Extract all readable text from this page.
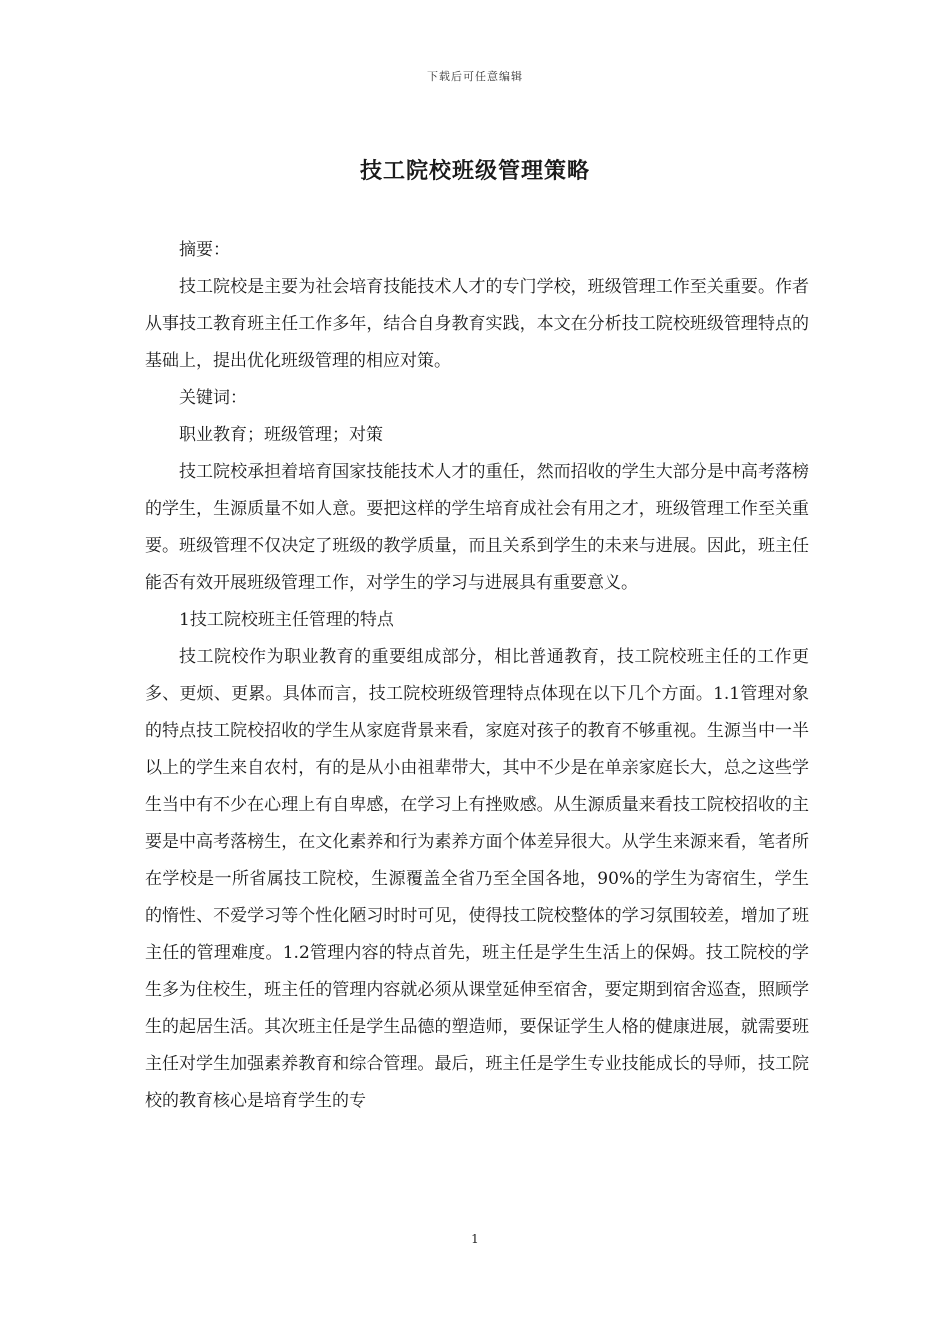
下载后可任意编辑
技工院校班级管理策略

摘要：

技工院校是主要为社会培育技能技术人才的专门学校，班级管理工作至关重要。作者从事技工教育班主任工作多年，结合自身教育实践，本文在分析技工院校班级管理特点的基础上，提出优化班级管理的相应对策。

关键词：

职业教育；班级管理；对策

技工院校承担着培育国家技能技术人才的重任，然而招收的学生大部分是中高考落榜的学生，生源质量不如人意。要把这样的学生培育成社会有用之才，班级管理工作至关重要。班级管理不仅决定了班级的教学质量，而且关系到学生的未来与进展。因此，班主任能否有效开展班级管理工作，对学生的学习与进展具有重要意义。

1技工院校班主任管理的特点

技工院校作为职业教育的重要组成部分，相比普通教育，技工院校班主任的工作更多、更烦、更累。具体而言，技工院校班级管理特点体现在以下几个方面。1.1管理对象的特点技工院校招收的学生从家庭背景来看，家庭对孩子的教育不够重视。生源当中一半以上的学生来自农村，有的是从小由祖辈带大，其中不少是在单亲家庭长大，总之这些学生当中有不少在心理上有自卑感，在学习上有挫败感。从生源质量来看技工院校招收的主要是中高考落榜生，在文化素养和行为素养方面个体差异很大。从学生来源来看，笔者所在学校是一所省属技工院校，生源覆盖全省乃至全国各地，90%的学生为寄宿生，学生的惰性、不爱学习等个性化陋习时时可见，使得技工院校整体的学习氛围较差，增加了班主任的管理难度。1.2管理内容的特点首先，班主任是学生生活上的保姆。技工院校的学生多为住校生，班主任的管理内容就必须从课堂延伸至宿舍，要定期到宿舍巡查，照顾学生的起居生活。其次班主任是学生品德的塑造师，要保证学生人格的健康进展，就需要班主任对学生加强素养教育和综合管理。最后，班主任是学生专业技能成长的导师，技工院校的教育核心是培育学生的专

1
